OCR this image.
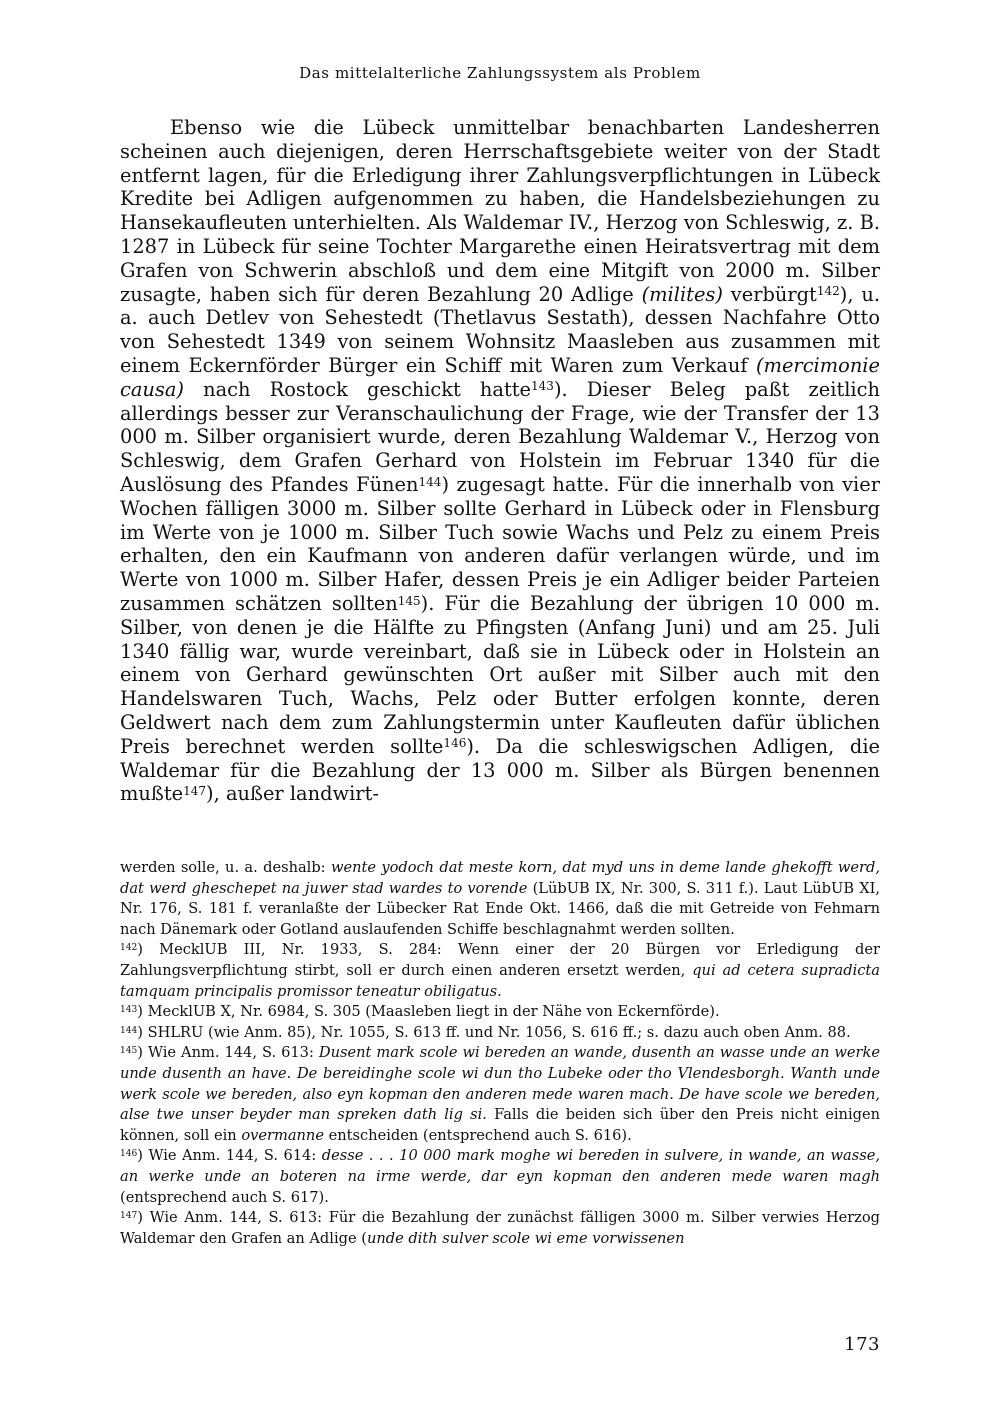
Das mittelalterliche Zahlungssystem als Problem

Ebenso wie die Lübeck unmittelbar benachbarten Landesherren scheinen auch diejenigen, deren Herrschaftsgebiete weiter von der Stadt entfernt lagen, für die Erledigung ihrer Zahlungsverpflichtungen in Lübeck Kredite bei Adligen aufgenommen zu haben, die Handelsbeziehungen zu Hansekaufleuten unterhielten. Als Waldemar IV., Herzog von Schleswig, z. B. 1287 in Lübeck für seine Tochter Margarethe einen Heiratsvertrag mit dem Grafen von Schwerin abschloß und dem eine Mitgift von 2000 m. Silber zusagte, haben sich für deren Bezahlung 20 Adlige (milites) verbürgt$^{142}$), u. a. auch Detlev von Sehestedt (Thetlavus Sestath), dessen Nachfahre Otto von Sehestedt 1349 von seinem Wohnsitz Maasleben aus zusammen mit einem Eckernförder Bürger ein Schiff mit Waren zum Verkauf (mercimonie causa) nach Rostock geschickt hatte$^{143}$). Dieser Beleg paßt zeitlich allerdings besser zur Veranschaulichung der Frage, wie der Transfer der 13 000 m. Silber organisiert wurde, deren Bezahlung Waldemar V., Herzog von Schleswig, dem Grafen Gerhard von Holstein im Februar 1340 für die Auslösung des Pfandes Fünen$^{144}$) zugesagt hatte. Für die innerhalb von vier Wochen fälligen 3000 m. Silber sollte Gerhard in Lübeck oder in Flensburg im Werte von je 1000 m. Silber Tuch sowie Wachs und Pelz zu einem Preis erhalten, den ein Kaufmann von anderen dafür verlangen würde, und im Werte von 1000 m. Silber Hafer, dessen Preis je ein Adliger beider Parteien zusammen schätzen sollten$^{145}$). Für die Bezahlung der übrigen 10 000 m. Silber, von denen je die Hälfte zu Pfingsten (Anfang Juni) und am 25. Juli 1340 fällig war, wurde vereinbart, daß sie in Lübeck oder in Holstein an einem von Gerhard gewünschten Ort außer mit Silber auch mit den Handelswaren Tuch, Wachs, Pelz oder Butter erfolgen konnte, deren Geldwert nach dem zum Zahlungstermin unter Kaufleuten dafür üblichen Preis berechnet werden sollte$^{146}$). Da die schleswigschen Adligen, die Waldemar für die Bezahlung der 13 000 m. Silber als Bürgen benennen mußte$^{147}$), außer landwirt-

werden solle, u. a. deshalb: wente yodoch dat meste korn, dat myd uns in deme lande ghekofft werd, dat werd gheschepet na juwer stad wardes to vorende (LübUB IX, Nr. 300, S. 311 f.). Laut LübUB XI, Nr. 176, S. 181 f. veranlaßte der Lübecker Rat Ende Okt. 1466, daß die mit Getreide von Fehmarn nach Dänemark oder Gotland auslaufenden Schiffe beschlagnahmt werden sollten.

$^{142}$) MecklUB III, Nr. 1933, S. 284: Wenn einer der 20 Bürgen vor Erledigung der Zahlungsverpflichtung stirbt, soll er durch einen anderen ersetzt werden, qui ad cetera supradicta tamquam principalis promissor teneatur obiligatus.

$^{143}$) MecklUB X, Nr. 6984, S. 305 (Maasleben liegt in der Nähe von Eckernförde).

$^{144}$) SHLRU (wie Anm. 85), Nr. 1055, S. 613 ff. und Nr. 1056, S. 616 ff.; s. dazu auch oben Anm. 88.

$^{145}$) Wie Anm. 144, S. 613: Dusent mark scole wi bereden an wande, dusenth an wasse unde an werke unde dusenth an have. De bereidinghe scole wi dun tho Lubeke oder tho Vlendesborgh. Wanth unde werk scole we bereden, also eyn kopman den anderen mede waren mach. De have scole we bereden, alse twe unser beyder man spreken dath lig si. Falls die beiden sich über den Preis nicht einigen können, soll ein overmanne entscheiden (entsprechend auch S. 616).

$^{146}$) Wie Anm. 144, S. 614: desse . . . 10 000 mark moghe wi bereden in sulvere, in wande, an wasse, an werke unde an boteren na irme werde, dar eyn kopman den anderen mede waren magh (entsprechend auch S. 617).

$^{147}$) Wie Anm. 144, S. 613: Für die Bezahlung der zunächst fälligen 3000 m. Silber verwies Herzog Waldemar den Grafen an Adlige (unde dith sulver scole wi eme vorwissenen

173
